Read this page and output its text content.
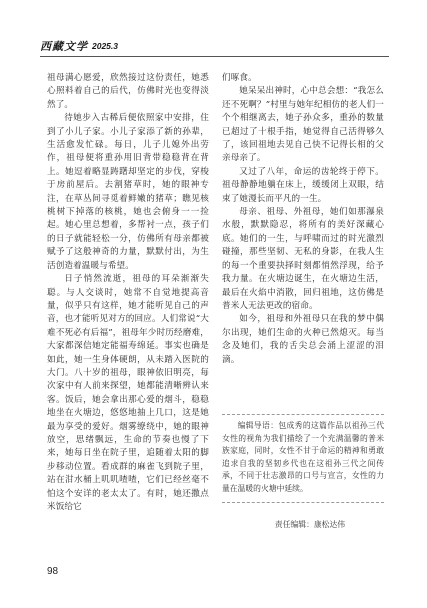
西藏文学 2025.3

祖母满心愿爱，欣然接过这份责任，她悉心照料着自己的后代，仿佛时光也变得淡然了。

待她步入古稀后便依照家中安排，住到了小儿子家。小儿子家添了新的孙辈，生活愈发忙碌。每日，儿子儿媳外出劳作，祖母便将重孙用旧背带稳稳背在背上。她逗着略显踌躇却坚定的步伐，穿梭于房前屋后。去割猪草时，她的眼神专注，在草丛间寻觅着鲜嫩的猪草；瞧见核桃树下掉落的核桃，她也会俯身一一捡起。她心里总想着，多帮衬一点，孩子们的日子就能轻松一分，仿佛所有母亲都被赋予了这般神奇的力量，默默付出，为生活创造着温暖与希望。

日子悄然流逝，祖母的耳朵渐渐失聪。与人交谈时，她常不自觉地提高音量，似乎只有这样，她才能听见自己的声音，也才能听见对方的回应。人们常说“大难不死必有后福”，祖母年少时历经磨难，大家都深信她定能福寿绵延。事实也确是如此，她一生身体硬朗，从未踏入医院的大门。八十岁的祖母，眼神依旧明亮，每次家中有人前来探望，她都能清晰辨认来客。饭后，她会拿出那心爱的烟斗，稳稳地坐在火塘边，悠悠地抽上几口，这是她最为享受的爱好。烟雾缭绕中，她的眼神放空，思绪飘远，生命的节奏也慢了下来，她每日坐在院子里，追随着太阳的脚步移动位置。看成群的麻雀飞到院子里，站在泔水桶上叽叽喳喳，它们已经丝毫不怕这个安详的老太太了。有时，她还撒点米饭给它

们啄食。

她呆呆出神时，心中总会想：“我怎么还不死啊？”村里与她年纪相仿的老人们一个个相继离去，她子孙众多，重孙的数量已超过了十根手指，她觉得自己活得够久了，该回祖地去见自己快不记得长相的父亲母亲了。

又过了八年，命运的齿轮终于停下。祖母静静地躺在床上，缓缓闭上双眼，结束了她漫长而平凡的一生。

母亲、祖母、外祖母，她们如那瀑泉水般，默默隐忍，将所有的美好深藏心底。她们的一生，与呼啸而过的时光激烈碰撞，那些坚韧、无私的身影，在我人生的每一个重要抉择时刻都悄然浮现，给予我力量。在火塘边诞生，在火塘边生活，最后在火焰中消散，回归祖地，这仿佛是普米人无法更改的宿命。

如今，祖母和外祖母只在我的梦中偶尔出现，她们生命的火种已然熄灭。每当念及她们，我的舌尖总会涌上涩涩的泪滴。

编辑导语：包成秀的这篇作品以祖孙三代女性的视角为我们描绘了一个充满温馨的普米族家庭，同时，女性不甘于命运的精神和勇敢追求自我的坚韧乡代也在这祖孙三代之间传承，不同于壮志激昂的口号与宣言，女性的力量在温暖的火塘中延续。

责任编辑：康松达伟
98
